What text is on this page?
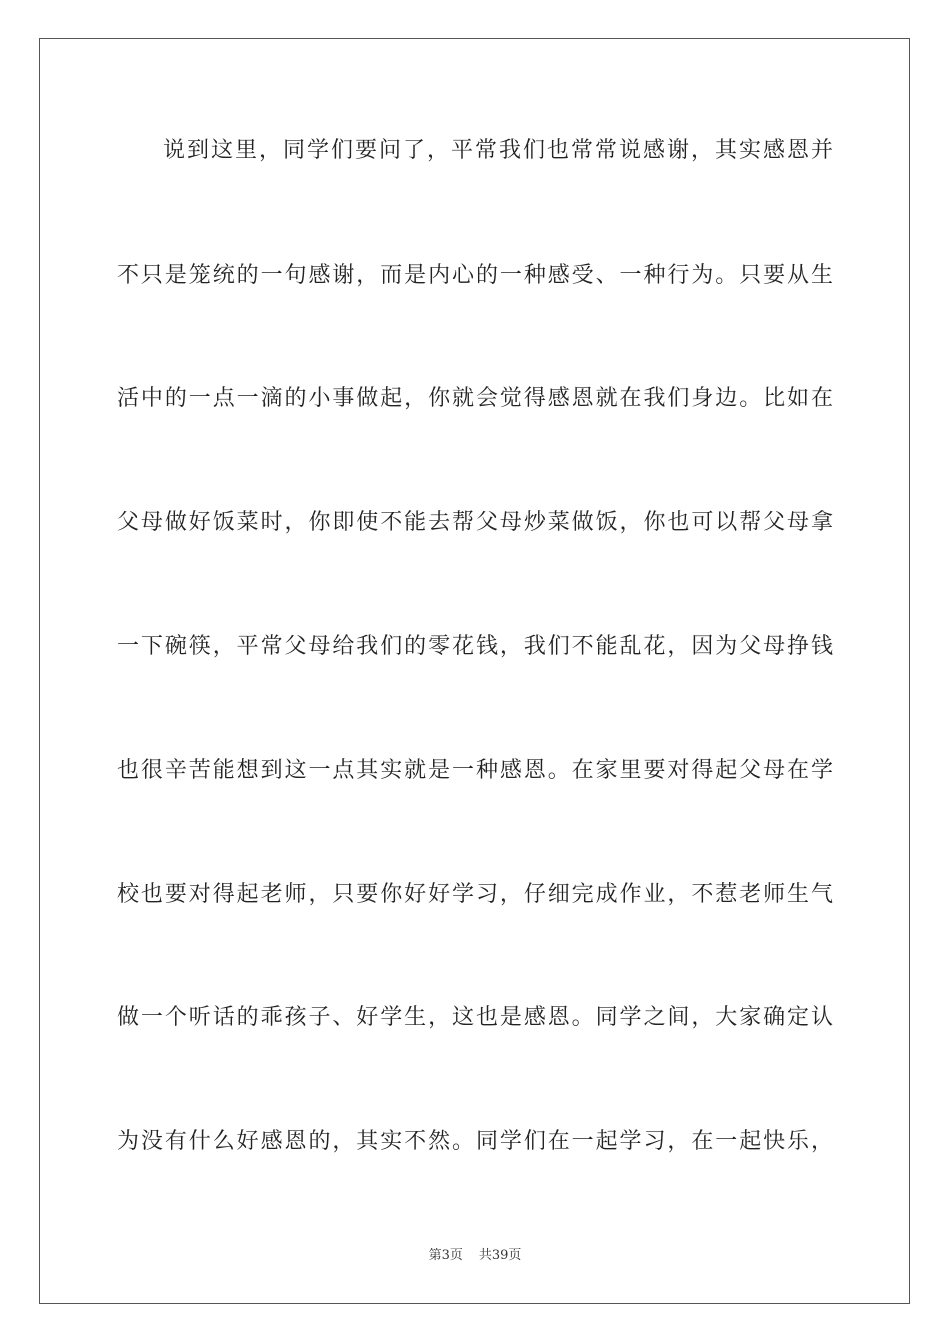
说到这里，同学们要问了，平常我们也常常说感谢，其实感恩并
不只是笼统的一句感谢，而是内心的一种感受、一种行为。只要从生
活中的一点一滴的小事做起，你就会觉得感恩就在我们身边。比如在
父母做好饭菜时，你即使不能去帮父母炒菜做饭，你也可以帮父母拿
一下碗筷，平常父母给我们的零花钱，我们不能乱花，因为父母挣钱
也很辛苦能想到这一点其实就是一种感恩。在家里要对得起父母在学
校也要对得起老师，只要你好好学习，仔细完成作业，不惹老师生气
做一个听话的乖孩子、好学生，这也是感恩。同学之间，大家确定认
为没有什么好感恩的，其实不然。同学们在一起学习，在一起快乐，
第3页 共39页
